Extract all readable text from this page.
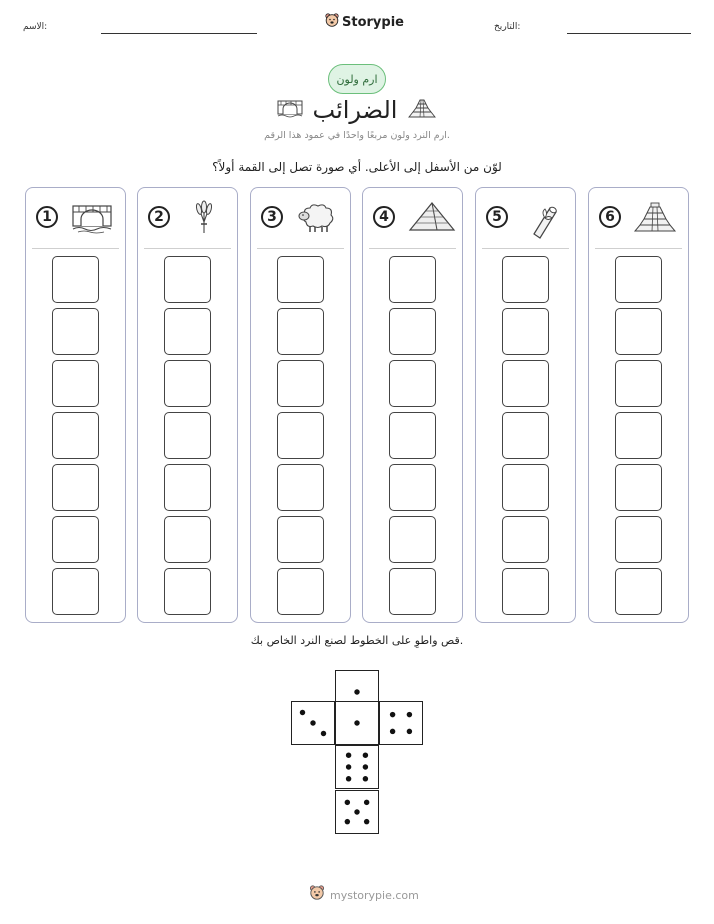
التاريخ:
الاسم:	Storypie
ارم ولون
الضرائب
ارم النرد ولون مربعًا واحدًا في عمود هذا الرقم.
لوّن من الأسفل إلى الأعلى. أي صورة تصل إلى القمة أولاً؟
6
5
4
3
2
1
قص واطوِ على الخطوط لصنع النرد الخاص بك.
mystorypie.com
